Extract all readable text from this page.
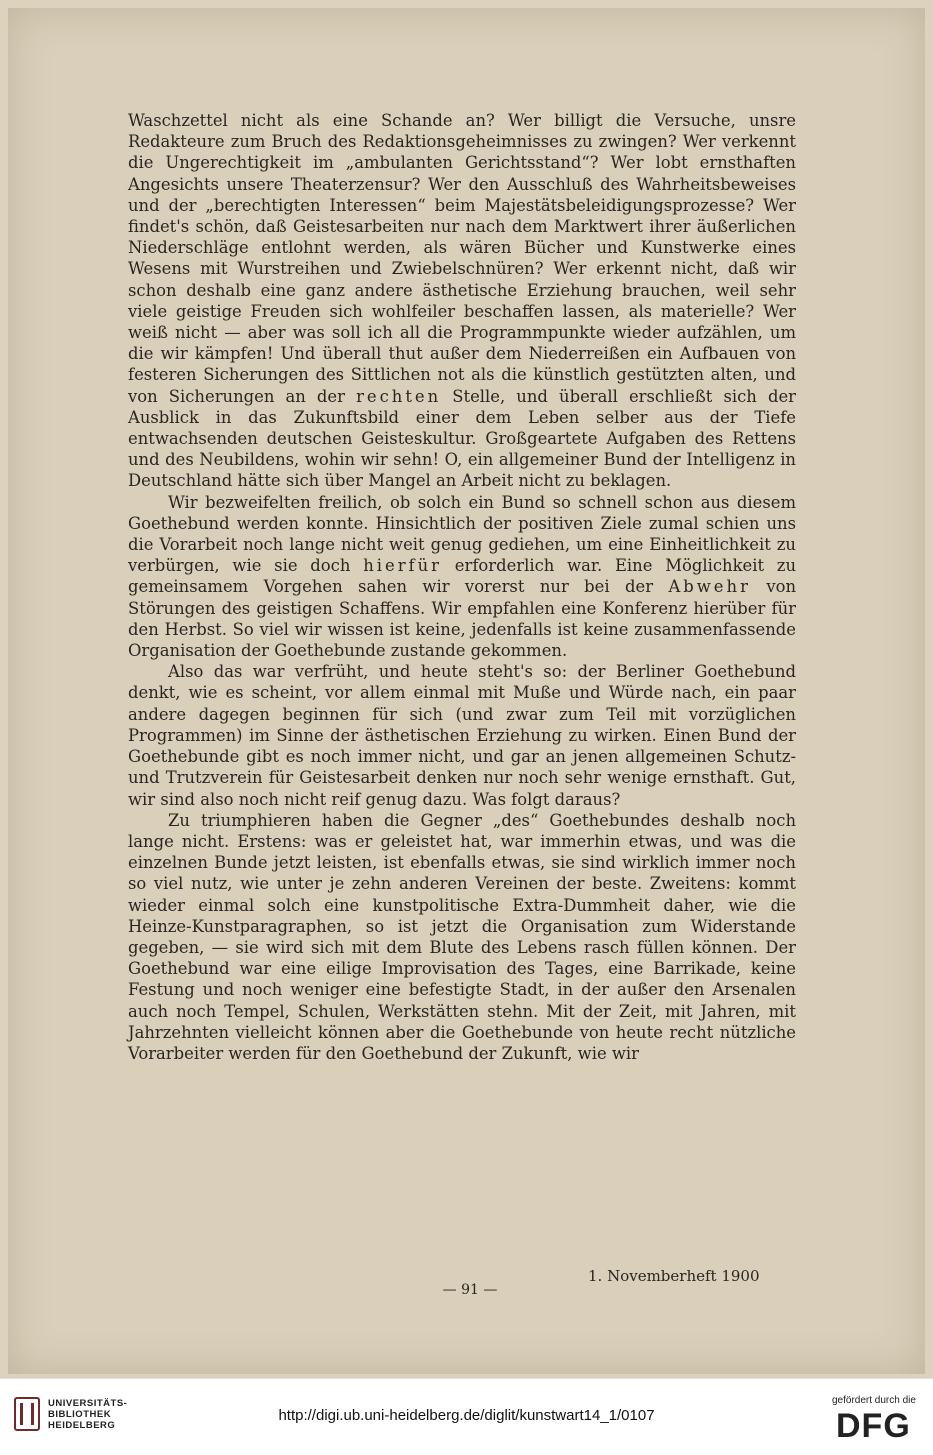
Waschzettel nicht als eine Schande an? Wer billigt die Versuche, unsre Redakteure zum Bruch des Redaktionsgeheimnisses zu zwingen? Wer verkennt die Ungerechtigkeit im „ambulanten Gerichtsstand“? Wer lobt ernsthaften Angesichts unsere Theaterzensur? Wer den Ausschluß des Wahrheitsbeweises und der „berechtigten Interessen“ beim Majestätsbeleidigungsprozesse? Wer findet's schön, daß Geistesarbeiten nur nach dem Marktwert ihrer äußerlichen Niederschläge entlohnt werden, als wären Bücher und Kunstwerke eines Wesens mit Wurstreihen und Zwiebelschnüren? Wer erkennt nicht, daß wir schon deshalb eine ganz andere ästhetische Erziehung brauchen, weil sehr viele geistige Freuden sich wohlfeiler beschaffen lassen, als materielle? Wer weiß nicht — aber was soll ich all die Programmpunkte wieder aufzählen, um die wir kämpfen! Und überall thut außer dem Niederreißen ein Aufbauen von festeren Sicherungen des Sittlichen not als die künstlich gestützten alten, und von Sicherungen an der rechten Stelle, und überall erschließt sich der Ausblick in das Zukunftsbild einer dem Leben selber aus der Tiefe entwachsenden deutschen Geisteskultur. Großgeartete Aufgaben des Rettens und des Neubildens, wohin wir sehn! O, ein allgemeiner Bund der Intelligenz in Deutschland hätte sich über Mangel an Arbeit nicht zu beklagen.

Wir bezweifelten freilich, ob solch ein Bund so schnell schon aus diesem Goethebund werden konnte. Hinsichtlich der positiven Ziele zumal schien uns die Vorarbeit noch lange nicht weit genug gediehen, um eine Einheitlichkeit zu verbürgen, wie sie doch hierfür erforderlich war. Eine Möglichkeit zu gemeinsamem Vorgehen sahen wir vorerst nur bei der Abwehr von Störungen des geistigen Schaffens. Wir empfahlen eine Konferenz hierüber für den Herbst. So viel wir wissen ist keine, jedenfalls ist keine zusammenfassende Organisation der Goethebunde zustande gekommen.

Also das war verfrüht, und heute steht's so: der Berliner Goethebund denkt, wie es scheint, vor allem einmal mit Muße und Würde nach, ein paar andere dagegen beginnen für sich (und zwar zum Teil mit vorzüglichen Programmen) im Sinne der ästhetischen Erziehung zu wirken. Einen Bund der Goethebunde gibt es noch immer nicht, und gar an jenen allgemeinen Schutz- und Trutzverein für Geistesarbeit denken nur noch sehr wenige ernsthaft. Gut, wir sind also noch nicht reif genug dazu. Was folgt daraus?

Zu triumphieren haben die Gegner „des“ Goethebundes deshalb noch lange nicht. Erstens: was er geleistet hat, war immerhin etwas, und was die einzelnen Bunde jetzt leisten, ist ebenfalls etwas, sie sind wirklich immer noch so viel nutz, wie unter je zehn anderen Vereinen der beste. Zweitens: kommt wieder einmal solch eine kunstpolitische Extra-Dummheit daher, wie die Heinze-Kunstparagraphen, so ist jetzt die Organisation zum Widerstande gegeben, — sie wird sich mit dem Blute des Lebens rasch füllen können. Der Goethebund war eine eilige Improvisation des Tages, eine Barrikade, keine Festung und noch weniger eine befestigte Stadt, in der außer den Arsenalen auch noch Tempel, Schulen, Werkstätten stehn. Mit der Zeit, mit Jahren, mit Jahrzehnten vielleicht können aber die Goethebunde von heute recht nützliche Vorarbeiter werden für den Goethebund der Zukunft, wie wir

1. Novemberheft 1900
— 91 —
UNIVERSITÄTS-
BIBLIOTHEK
HEIDELBERG
http://digi.ub.uni-heidelberg.de/diglit/kunstwart14_1/0107
gefördert durch die
DFG
